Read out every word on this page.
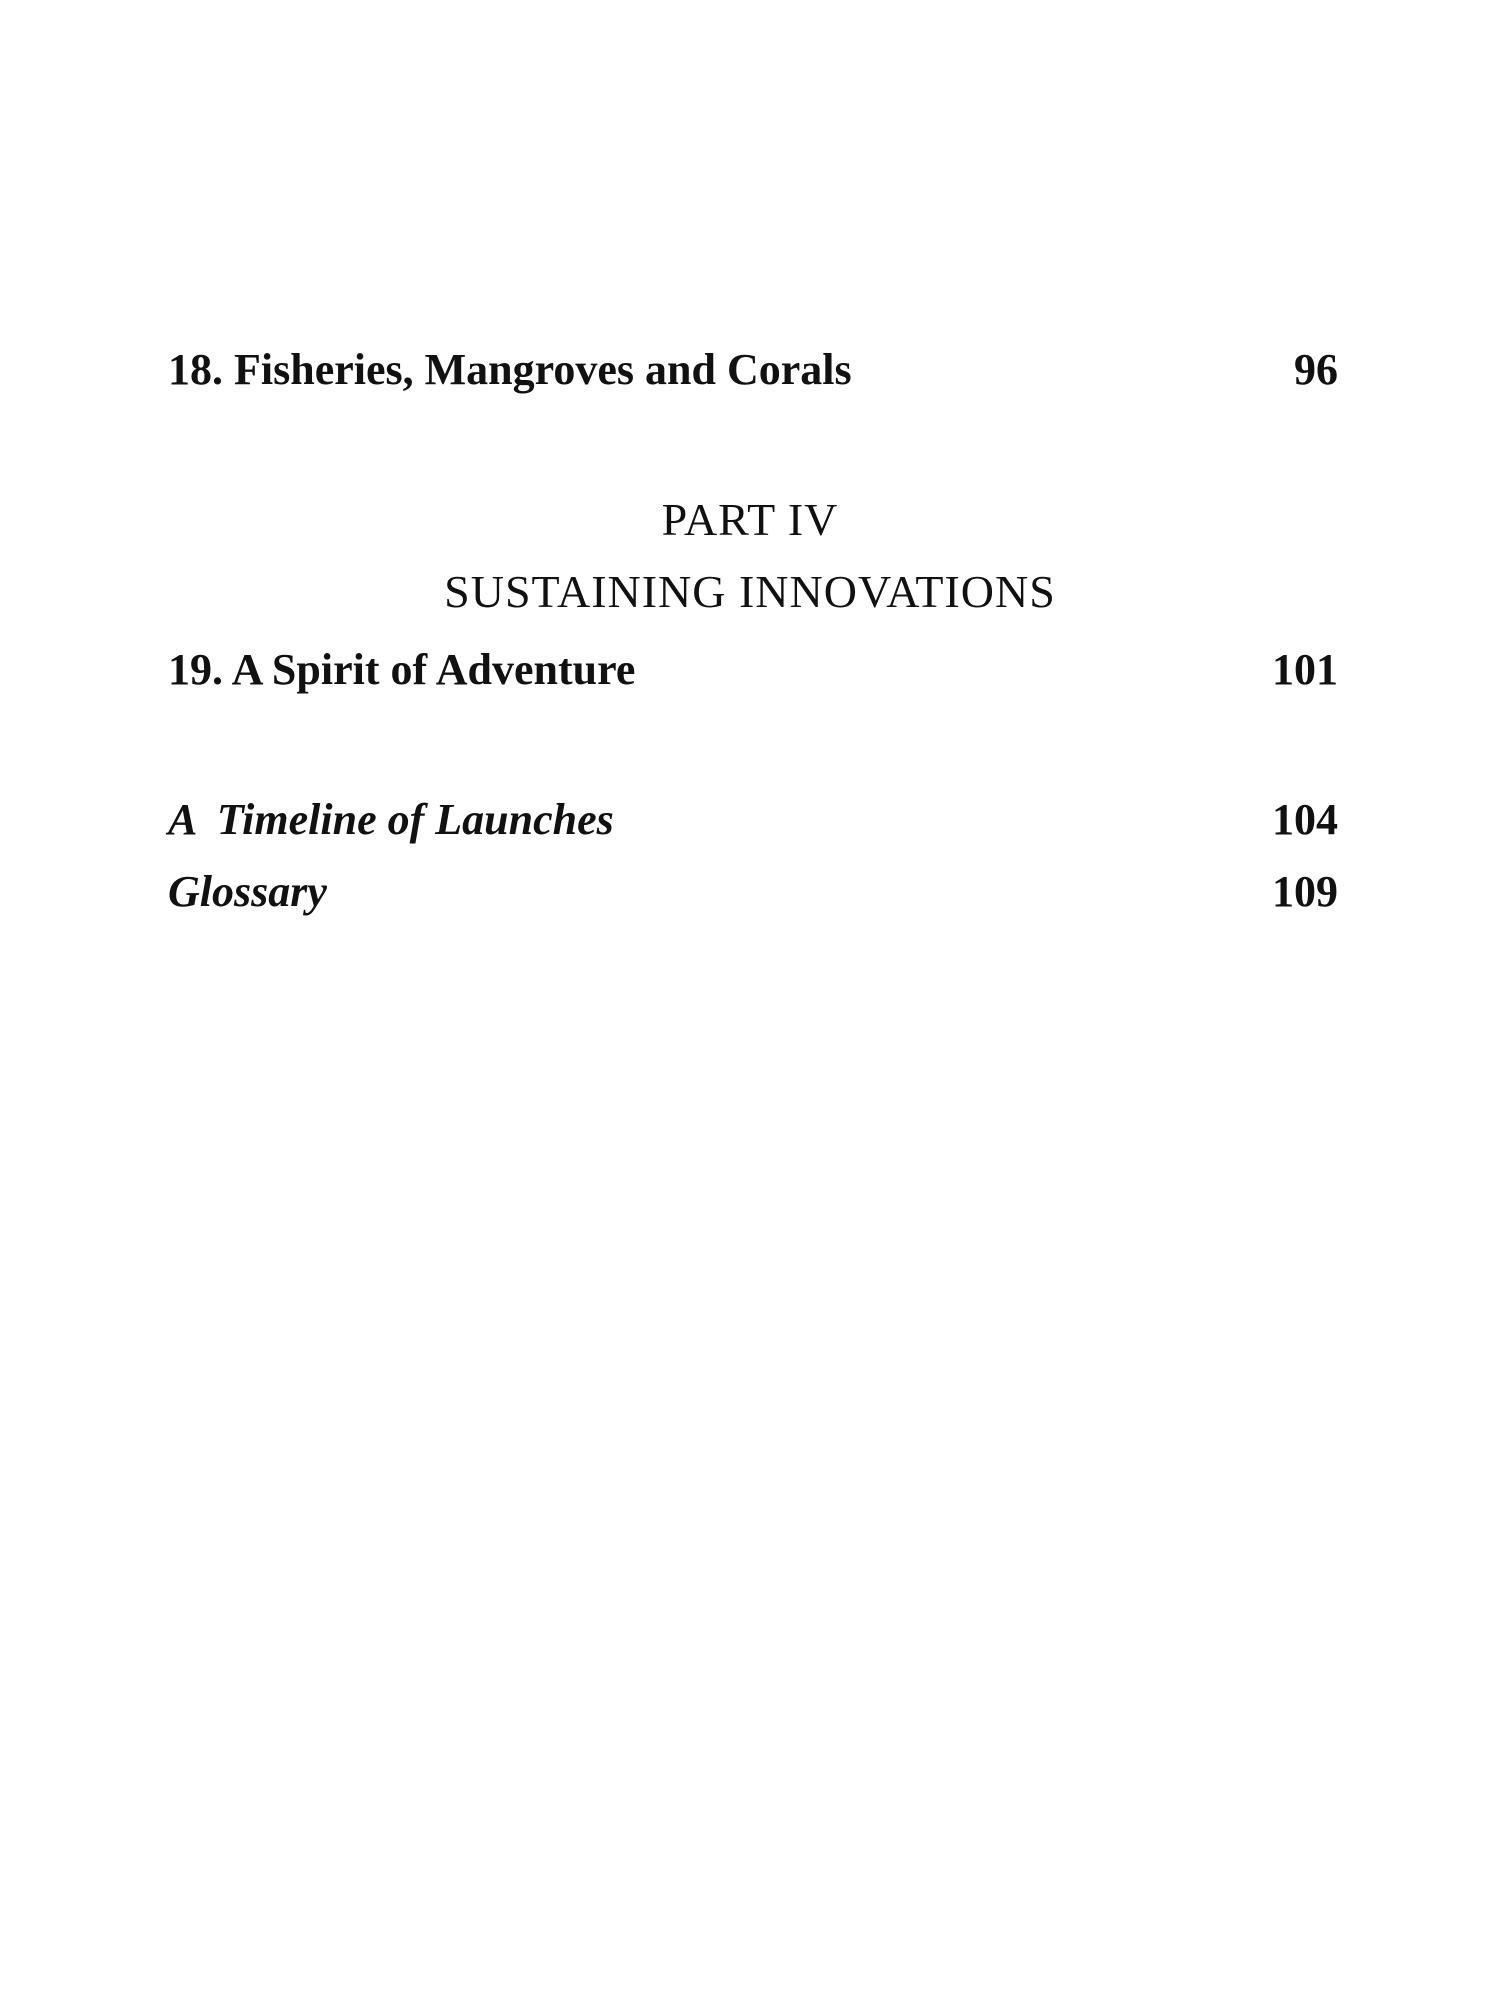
18. Fisheries, Mangroves and Corals	96
PART IV
SUSTAINING INNOVATIONS
19. A Spirit of Adventure	101
A  Timeline of Launches	104
Glossary	109
